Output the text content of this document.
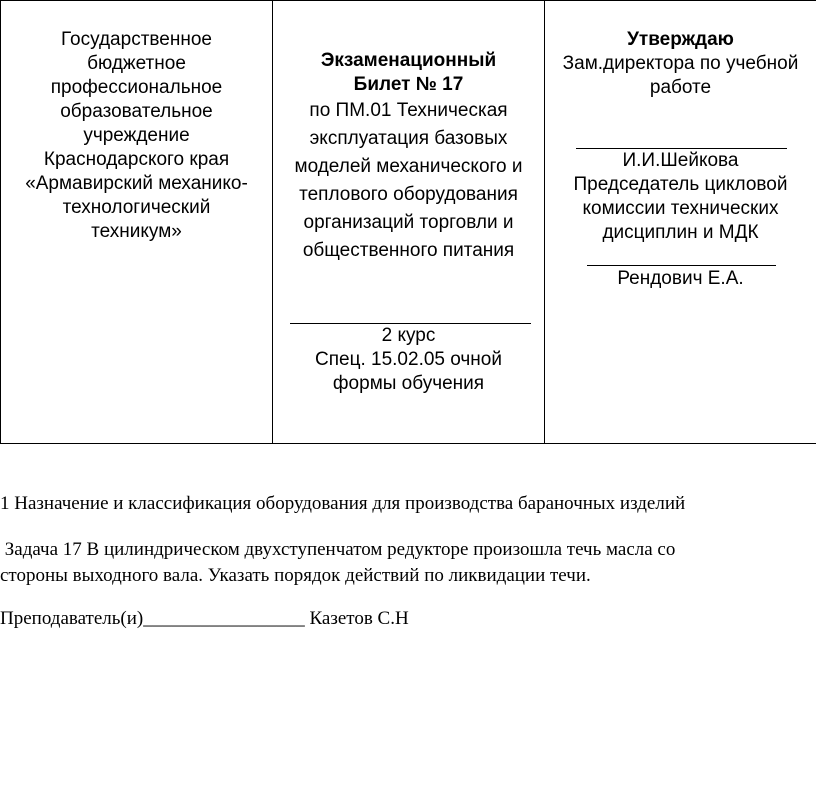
Государственное
бюджетное
профессиональное
образовательное
учреждение
Краснодарского края
«Армавирский механико-
технологический
техникум»

Экзаменационный
Билет № 17
по ПМ.01 Техническая
эксплуатация базовых
моделей механического и
теплового оборудования
организаций торговли и
общественного питания
2 курс
Спец. 15.02.05 очной
формы обучения

Утверждаю
Зам.директора по учебной
работе
И.И.Шейкова
Председатель цикловой
комиссии технических
дисциплин и МДК
Рендович Е.А.
1 Назначение и классификация оборудования для производства бараночных изделий
Задача 17 В цилиндрическом двухступенчатом редукторе произошла течь масла со
стороны выходного вала. Указать порядок действий по ликвидации течи.
Преподаватель(и)_________________ Казетов С.Н
